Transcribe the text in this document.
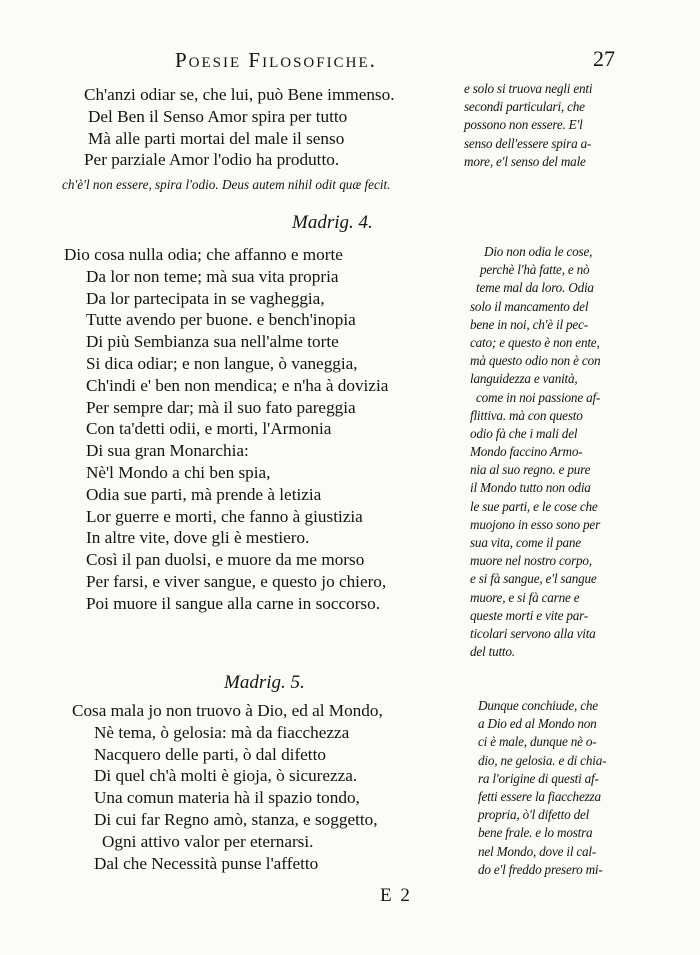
Poesie Filosofiche.	27
Ch'anzi odiar se, che lui, può Bene immenso.
Del Ben il Senso Amor spira per tutto
Mà alle parti mortai del male il senso
Per parziale Amor l'odio ha produtto.
e solo si truova negli enti
secondi particulari, che
possono non essere. E'l
senso dell'essere spira a-
more, e'l senso del male
ch'è'l non essere, spira l'odio. Deus autem nihil odit quæ fecit.
Madrig. 4.
Dio cosa nulla odia; che affanno e morte
Da lor non teme; mà sua vita propria
Da lor partecipata in se vagheggia,
Tutte avendo per buone. e bench'inopia
Di più Sembianza sua nell'alme torte
Si dica odiar; e non langue, ò vaneggia,
Ch'indi e' ben non mendica; e n'ha à dovizia
Per sempre dar; mà il suo fato pareggia
Con ta'detti odii, e morti, l'Armonia
Di sua gran Monarchia:
Nè'l Mondo a chi ben spia,
Odia sue parti, mà prende à letizia
Lor guerre e morti, che fanno à giustizia
In altre vite, dove gli è mestiero.
Così il pan duolsi, e muore da me morso
Per farsi, e viver sangue, e questo jo chiero,
Poi muore il sangue alla carne in soccorso.
Dio non odia le cose,
perchè l'hà fatte, e nò
teme mal da loro. Odia
solo il mancamento del
bene in noi, ch'è il pec-
cato; e questo è non ente,
mà questo odio non è con
languidezza e vanità,
come in noi passione af-
flittiva. mà con questo
odio fà che i mali del
Mondo faccino Armo-
nia al suo regno. e pure
il Mondo tutto non odia
le sue parti, e le cose che
muojono in esso sono per
sua vita, come il pane
muore nel nostro corpo,
e si fà sangue, e'l sangue
muore, e si fà carne e
queste morti e vite par-
ticolari servono alla vita
del tutto.
Madrig. 5.
Cosa mala jo non truovo à Dio, ed al Mondo,
Nè tema, ò gelosia: mà da fiacchezza
Nacquero delle parti, ò dal difetto
Di quel ch'à molti è gioja, ò sicurezza.
Una comun materia hà il spazio tondo,
Di cui far Regno amò, stanza, e soggetto,
Ogni attivo valor per eternarsi.
Dal che Necessità punse l'affetto
Dunque conchiude, che
a Dio ed al Mondo non
ci è male, dunque nè o-
dio, ne gelosia. e di chia-
ra l'origine di questi af-
fetti essere la fiacchezza
propria, ò'l difetto del
bene frale. e lo mostra
nel Mondo, dove il cal-
do e'l freddo presero mi-
E 2
